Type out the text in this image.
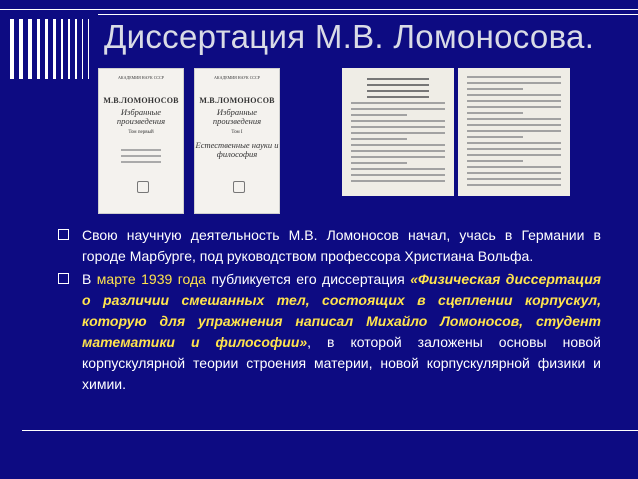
Диссертация М.В. Ломоносова.
АКАДЕМИЯ НАУК СССР
М.В.ЛОМОНОСОВ
Избранные произведения
Том первый
АКАДЕМИЯ НАУК СССР
М.В.ЛОМОНОСОВ
Избранные произведения
Том I
Естественные науки и философия
Свою научную деятельность М.В. Ломоносов начал, учась в Германии в городе Марбурге, под руководством профессора Христиана Вольфа.
В марте 1939 года публикуется его диссертация «Физическая диссертация о различии смешанных тел, состоящих в сцеплении корпускул, которую для упражнения написал Михайло Ломоносов, студент математики и философии», в которой заложены основы новой корпускулярной теории строения материи, новой корпускулярной физики и химии.
